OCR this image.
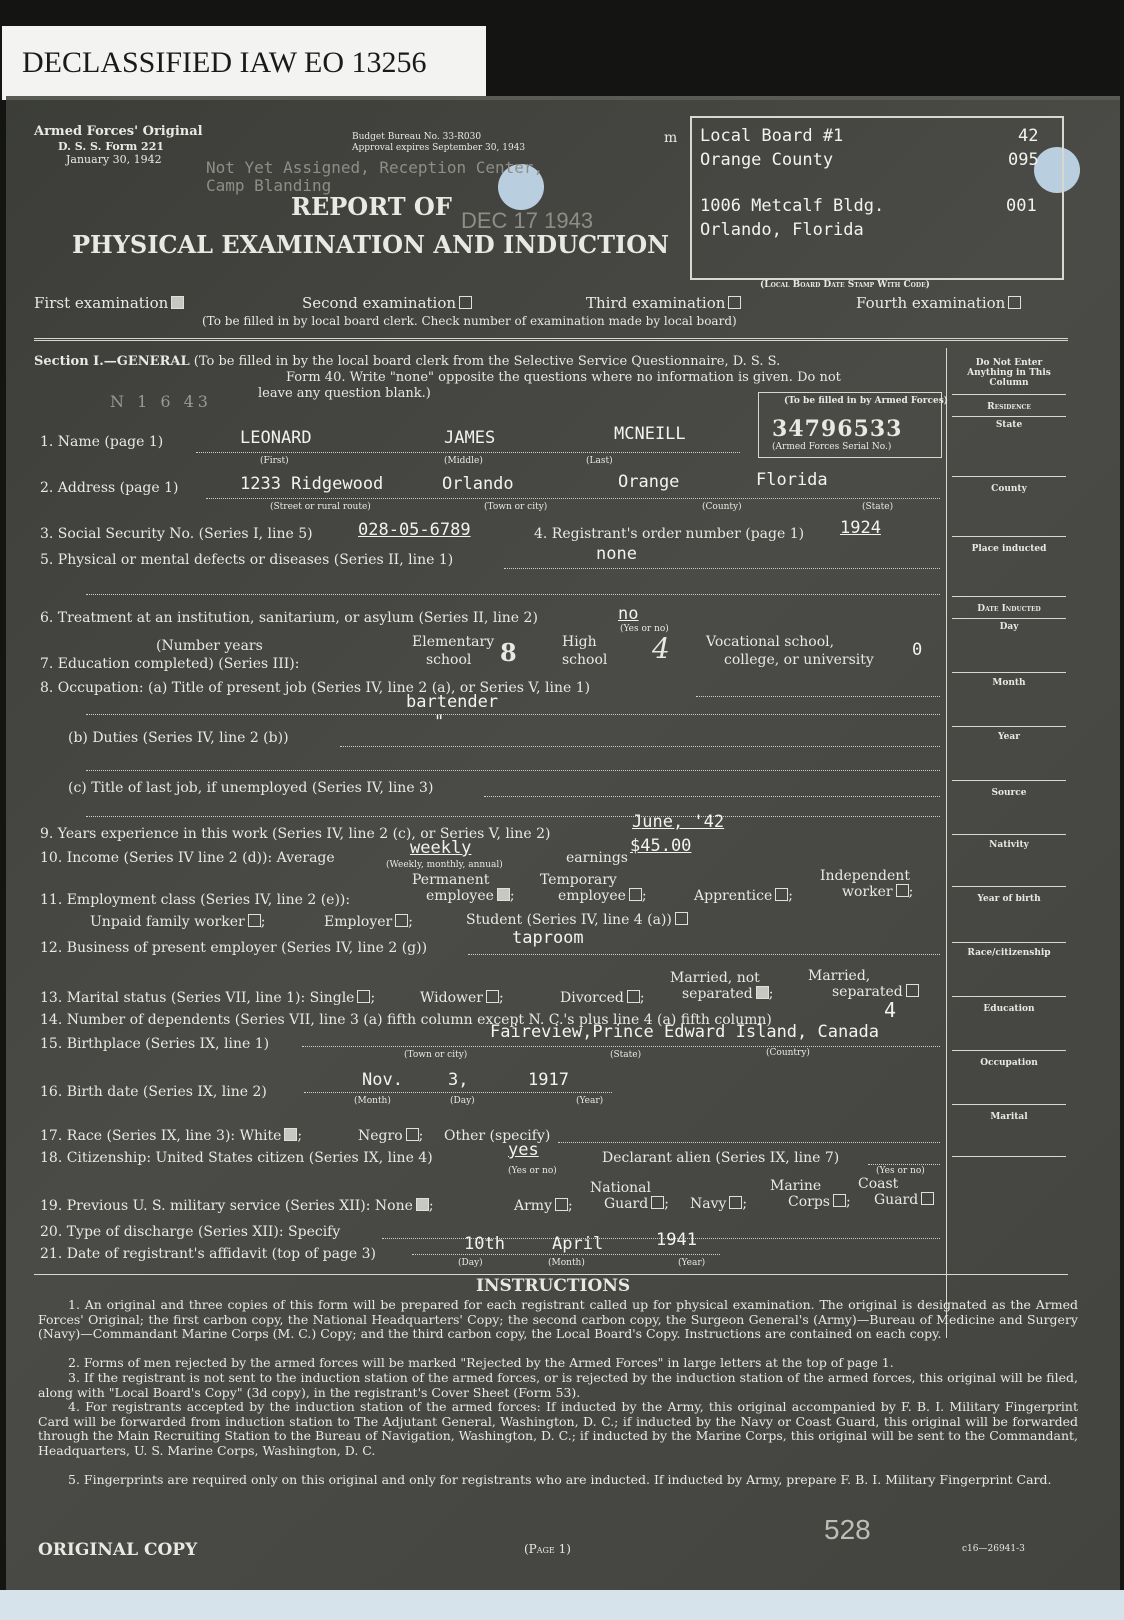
DECLASSIFIED IAW EO 13256
Armed Forces' Original
D. S. S. Form 221
January 30, 1942
Budget Bureau No. 33-R030
Approval expires September 30, 1943
m
Not Yet Assigned, Reception Center,
Camp Blanding
DEC 17 1943
REPORT OF
PHYSICAL EXAMINATION AND INDUCTION
Local Board #1
Orange County
1006 Metcalf Bldg.
Orlando, Florida
42
095
001
(Local Board Date Stamp With Code)
First examination	Second examination	Third examination	Fourth examination
(To be filled in by local board clerk. Check number of examination made by local board)
Section I.—GENERAL (To be filled in by the local board clerk from the Selective Service Questionnaire, D. S. S.
Form 40. Write "none" opposite the questions where no information is given. Do not
leave any question blank.)
N 1 6 43
Do Not Enter Anything in This Column
Residence
State
County
Place inducted
Date Inducted
Day
Month
Year
Source
Nativity
Year of birth
Race/citizenship
Education
Occupation
Marital
(To be filled in by Armed Forces)
34796533
(Armed Forces Serial No.)
1. Name (page 1)	LEONARD	JAMES	MCNEILL
(First)	(Middle)	(Last)
2. Address (page 1)	1233 Ridgewood	Orlando	Orange	Florida
(Street or rural route)	(Town or city)	(County)	(State)
3. Social Security No. (Series I, line 5)	028-05-6789	4. Registrant's order number (page 1) 1924
5. Physical or mental defects or diseases (Series II, line 1)	none
6. Treatment at an institution, sanitarium, or asylum (Series II, line 2)	no
(Yes or no)
(Number years
7. Education completed) (Series III):
Elementary
school 8	High
school 4	Vocational school,
college, or university 0
8. Occupation: (a) Title of present job (Series IV, line 2 (a), or Series V, line 1)
bartender
(b) Duties (Series IV, line 2 (b))
"
(c) Title of last job, if unemployed (Series IV, line 3)
9. Years experience in this work (Series IV, line 2 (c), or Series V, line 2)
June, '42
10. Income (Series IV line 2 (d)): Average	weekly
(Weekly, monthly, annual)	earnings
$45.00
Permanent	Temporary	Independent
11. Employment class (Series IV, line 2 (e)):	employee ;	employee ;	Apprentice ;	worker ;
Unpaid family worker ;	Employer ;	Student (Series IV, line 4 (a))
12. Business of present employer (Series IV, line 2 (g))	taproom
Married, not	Married,
13. Marital status (Series VII, line 1): Single ;	Widower ;	Divorced ;	separated ;	separated
14. Number of dependents (Series VII, line 3 (a) fifth column except N. C.'s plus line 4 (a) fifth column)	4
15. Birthplace (Series IX, line 1)
Faireview,Prince Edward Island, Canada
(Town or city)	(State)	(Country)
16. Birth date (Series IX, line 2)
Nov.	3,	1917
(Month)	(Day)	(Year)
17. Race (Series IX, line 3): White ;	Negro ; Other (specify)
18. Citizenship: United States citizen (Series IX, line 4)	yes
(Yes or no)
Declarant alien (Series IX, line 7)
(Yes or no)
National	Marine	Coast
19. Previous U. S. military service (Series XII): None ;	Army ; Guard ; Navy ;	Corps ; Guard
20. Type of discharge (Series XII): Specify
21. Date of registrant's affidavit (top of page 3)	10th	April	1941
(Day)	(Month)	(Year)
INSTRUCTIONS
1. An original and three copies of this form will be prepared for each registrant called up for physical examination. The original is designated as the Armed Forces' Original; the first carbon copy, the National Headquarters' Copy; the second carbon copy, the Surgeon General's (Army)—Bureau of Medicine and Surgery (Navy)—Commandant Marine Corps (M. C.) Copy; and the third carbon copy, the Local Board's Copy. Instructions are contained on each copy.
2. Forms of men rejected by the armed forces will be marked "Rejected by the Armed Forces" in large letters at the top of page 1.
3. If the registrant is not sent to the induction station of the armed forces, or is rejected by the induction station of the armed forces, this original will be filed, along with "Local Board's Copy" (3d copy), in the registrant's Cover Sheet (Form 53).
4. For registrants accepted by the induction station of the armed forces: If inducted by the Army, this original accompanied by F. B. I. Military Fingerprint Card will be forwarded from induction station to The Adjutant General, Washington, D. C.; if inducted by the Navy or Coast Guard, this original will be forwarded through the Main Recruiting Station to the Bureau of Navigation, Washington, D. C.; if inducted by the Marine Corps, this original will be sent to the Commandant, Headquarters, U. S. Marine Corps, Washington, D. C.
5. Fingerprints are required only on this original and only for registrants who are inducted. If inducted by Army, prepare F. B. I. Military Fingerprint Card.
ORIGINAL COPY	(Page 1)
528
c16—26941-3
